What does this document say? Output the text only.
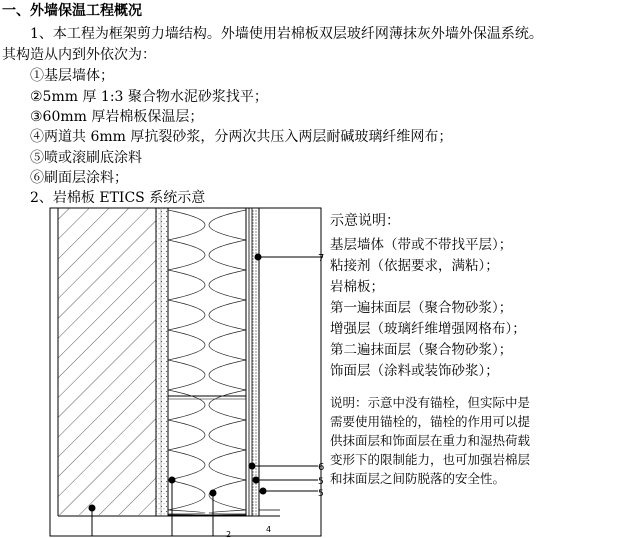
一、外墙保温工程概况
1、本工程为框架剪力墙结构。外墙使用岩棉板双层玻纤网薄抹灰外墙外保温系统。
其构造从内到外依次为：
①基层墙体；
②5mm 厚 1:3 聚合物水泥砂浆找平；
③60mm 厚岩棉板保温层；
④两道共 6mm 厚抗裂砂浆，分两次共压入两层耐碱玻璃纤维网布；
⑤喷或滚刷底涂料
⑥刷面层涂料；
2、岩棉板 ETICS 系统示意
7
6
5
5
2
4
示意说明：
基层墙体（带或不带找平层）；
粘接剂（依据要求，满粘）；
岩棉板；
第一遍抹面层（聚合物砂浆）；
增强层（玻璃纤维增强网格布）；
第二遍抹面层（聚合物砂浆）；
饰面层（涂料或装饰砂浆）；
说明：示意中没有锚栓，但实际中是
需要使用锚栓的，锚栓的作用可以提
供抹面层和饰面层在重力和湿热荷载
变形下的限制能力，也可加强岩棉层
和抹面层之间防脱落的安全性。
